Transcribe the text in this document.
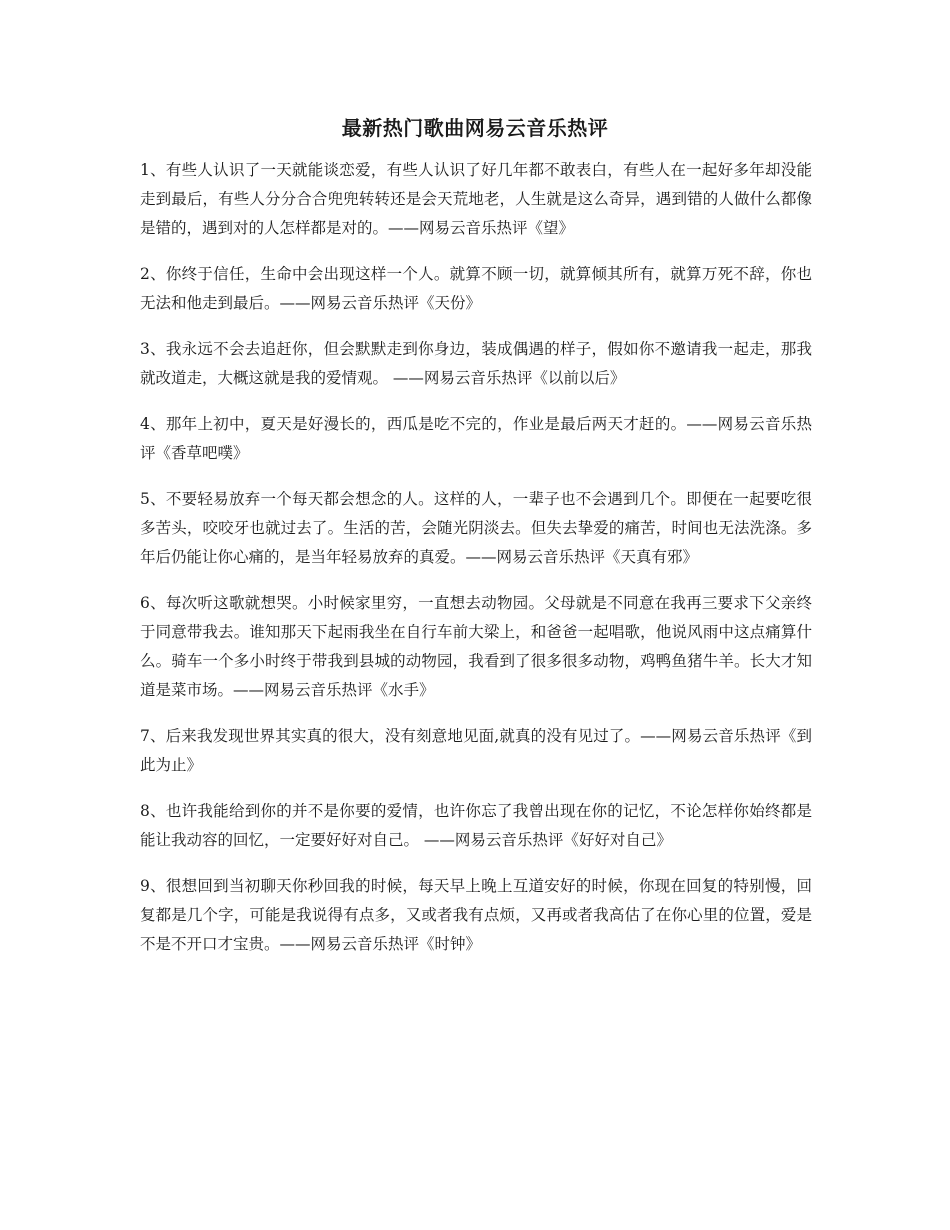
最新热门歌曲网易云音乐热评
1、有些人认识了一天就能谈恋爱，有些人认识了好几年都不敢表白，有些人在一起好多年却没能走到最后，有些人分分合合兜兜转转还是会天荒地老，人生就是这么奇异，遇到错的人做什么都像是错的，遇到对的人怎样都是对的。——网易云音乐热评《望》
2、你终于信任，生命中会出现这样一个人。就算不顾一切，就算倾其所有，就算万死不辞，你也无法和他走到最后。——网易云音乐热评《天份》
3、我永远不会去追赶你，但会默默走到你身边，装成偶遇的样子，假如你不邀请我一起走，那我就改道走，大概这就是我的爱情观。 ——网易云音乐热评《以前以后》
4、那年上初中，夏天是好漫长的，西瓜是吃不完的，作业是最后两天才赶的。——网易云音乐热评《香草吧噗》
5、不要轻易放弃一个每天都会想念的人。这样的人，一辈子也不会遇到几个。即便在一起要吃很多苦头，咬咬牙也就过去了。生活的苦，会随光阴淡去。但失去挚爱的痛苦，时间也无法洗涤。多年后仍能让你心痛的，是当年轻易放弃的真爱。——网易云音乐热评《天真有邪》
6、每次听这歌就想哭。小时候家里穷，一直想去动物园。父母就是不同意在我再三要求下父亲终于同意带我去。谁知那天下起雨我坐在自行车前大梁上，和爸爸一起唱歌，他说风雨中这点痛算什么。骑车一个多小时终于带我到县城的动物园，我看到了很多很多动物，鸡鸭鱼猪牛羊。长大才知道是菜市场。——网易云音乐热评《水手》
7、后来我发现世界其实真的很大，没有刻意地见面,就真的没有见过了。——网易云音乐热评《到此为止》
8、也许我能给到你的并不是你要的爱情，也许你忘了我曾出现在你的记忆，不论怎样你始终都是能让我动容的回忆，一定要好好对自己。 ——网易云音乐热评《好好对自己》
9、很想回到当初聊天你秒回我的时候，每天早上晚上互道安好的时候，你现在回复的特别慢，回复都是几个字，可能是我说得有点多，又或者我有点烦，又再或者我高估了在你心里的位置，爱是不是不开口才宝贵。——网易云音乐热评《时钟》
